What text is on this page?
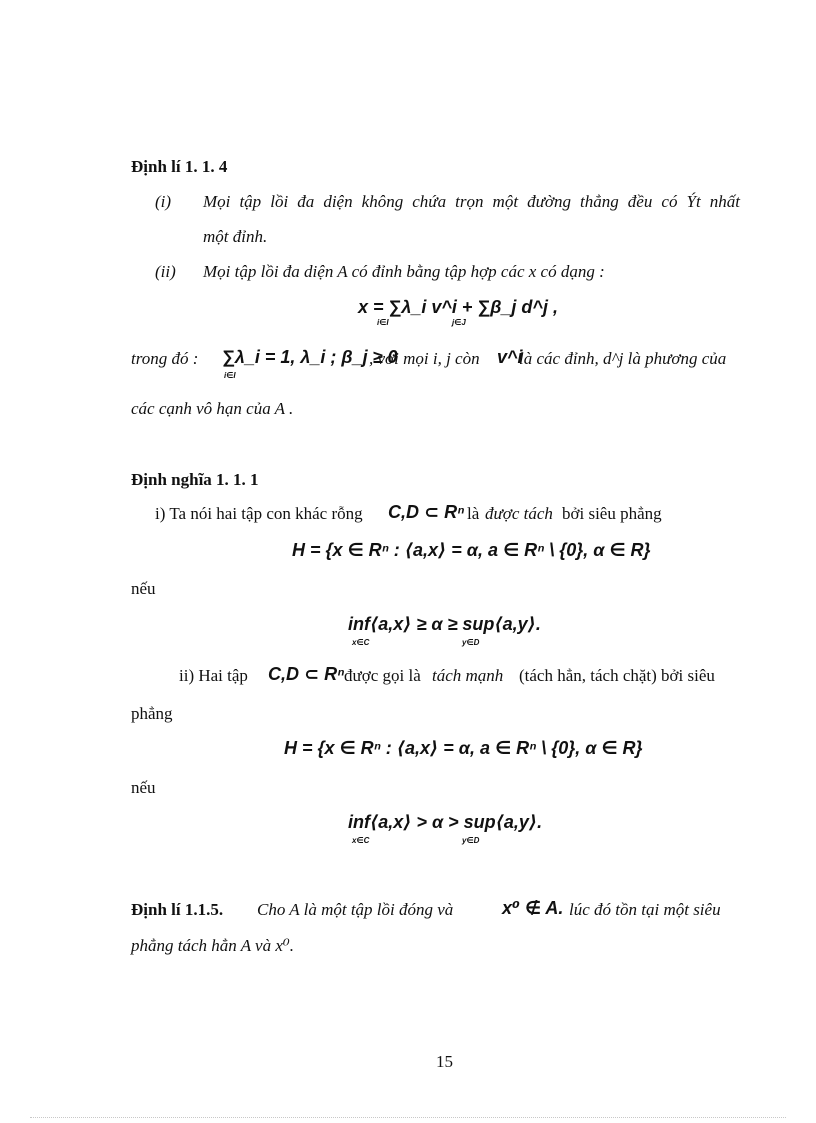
Định lí 1. 1. 4
(i) Mọi tập lồi đa diện không chứa trọn một đường thẳng đều có Ýt nhất
một đỉnh.
(ii) Mọi tập lồi đa diện A có đỉnh bằng tập hợp các x có dạng :
x = ∑λ_i v^i + ∑β_j d^j ,
i∈I	j∈J
trong đó : ∑λ_i = 1, λ_i ; β_j ≥ 0
i∈I
, với mọi i, j còn v^i
là các đỉnh, d^j là phương của
các cạnh vô hạn của A .
Định nghĩa 1. 1. 1
i) Ta nói hai tập con khác rỗng C,D ⊂ Rⁿ là được tách bởi siêu phẳng
H = {x ∈ Rⁿ : ⟨a,x⟩ = α, a ∈ Rⁿ \ {0}, α ∈ R}
nếu
inf⟨a,x⟩ ≥ α ≥ sup⟨a,y⟩.
x∈C	y∈D
ii) Hai tập C,D ⊂ Rⁿ được gọi là tách mạnh (tách hẳn, tách chặt) bởi siêu
phẳng
H = {x ∈ Rⁿ : ⟨a,x⟩ = α, a ∈ Rⁿ \ {0}, α ∈ R}
nếu
inf⟨a,x⟩ > α > sup⟨a,y⟩.
x∈C	y∈D
Định lí 1.1.5. Cho A là một tập lồi đóng và	x⁰ ∉ A. lúc đó tồn tại một siêu
phẳng tách hẳn A và x⁰.
15
